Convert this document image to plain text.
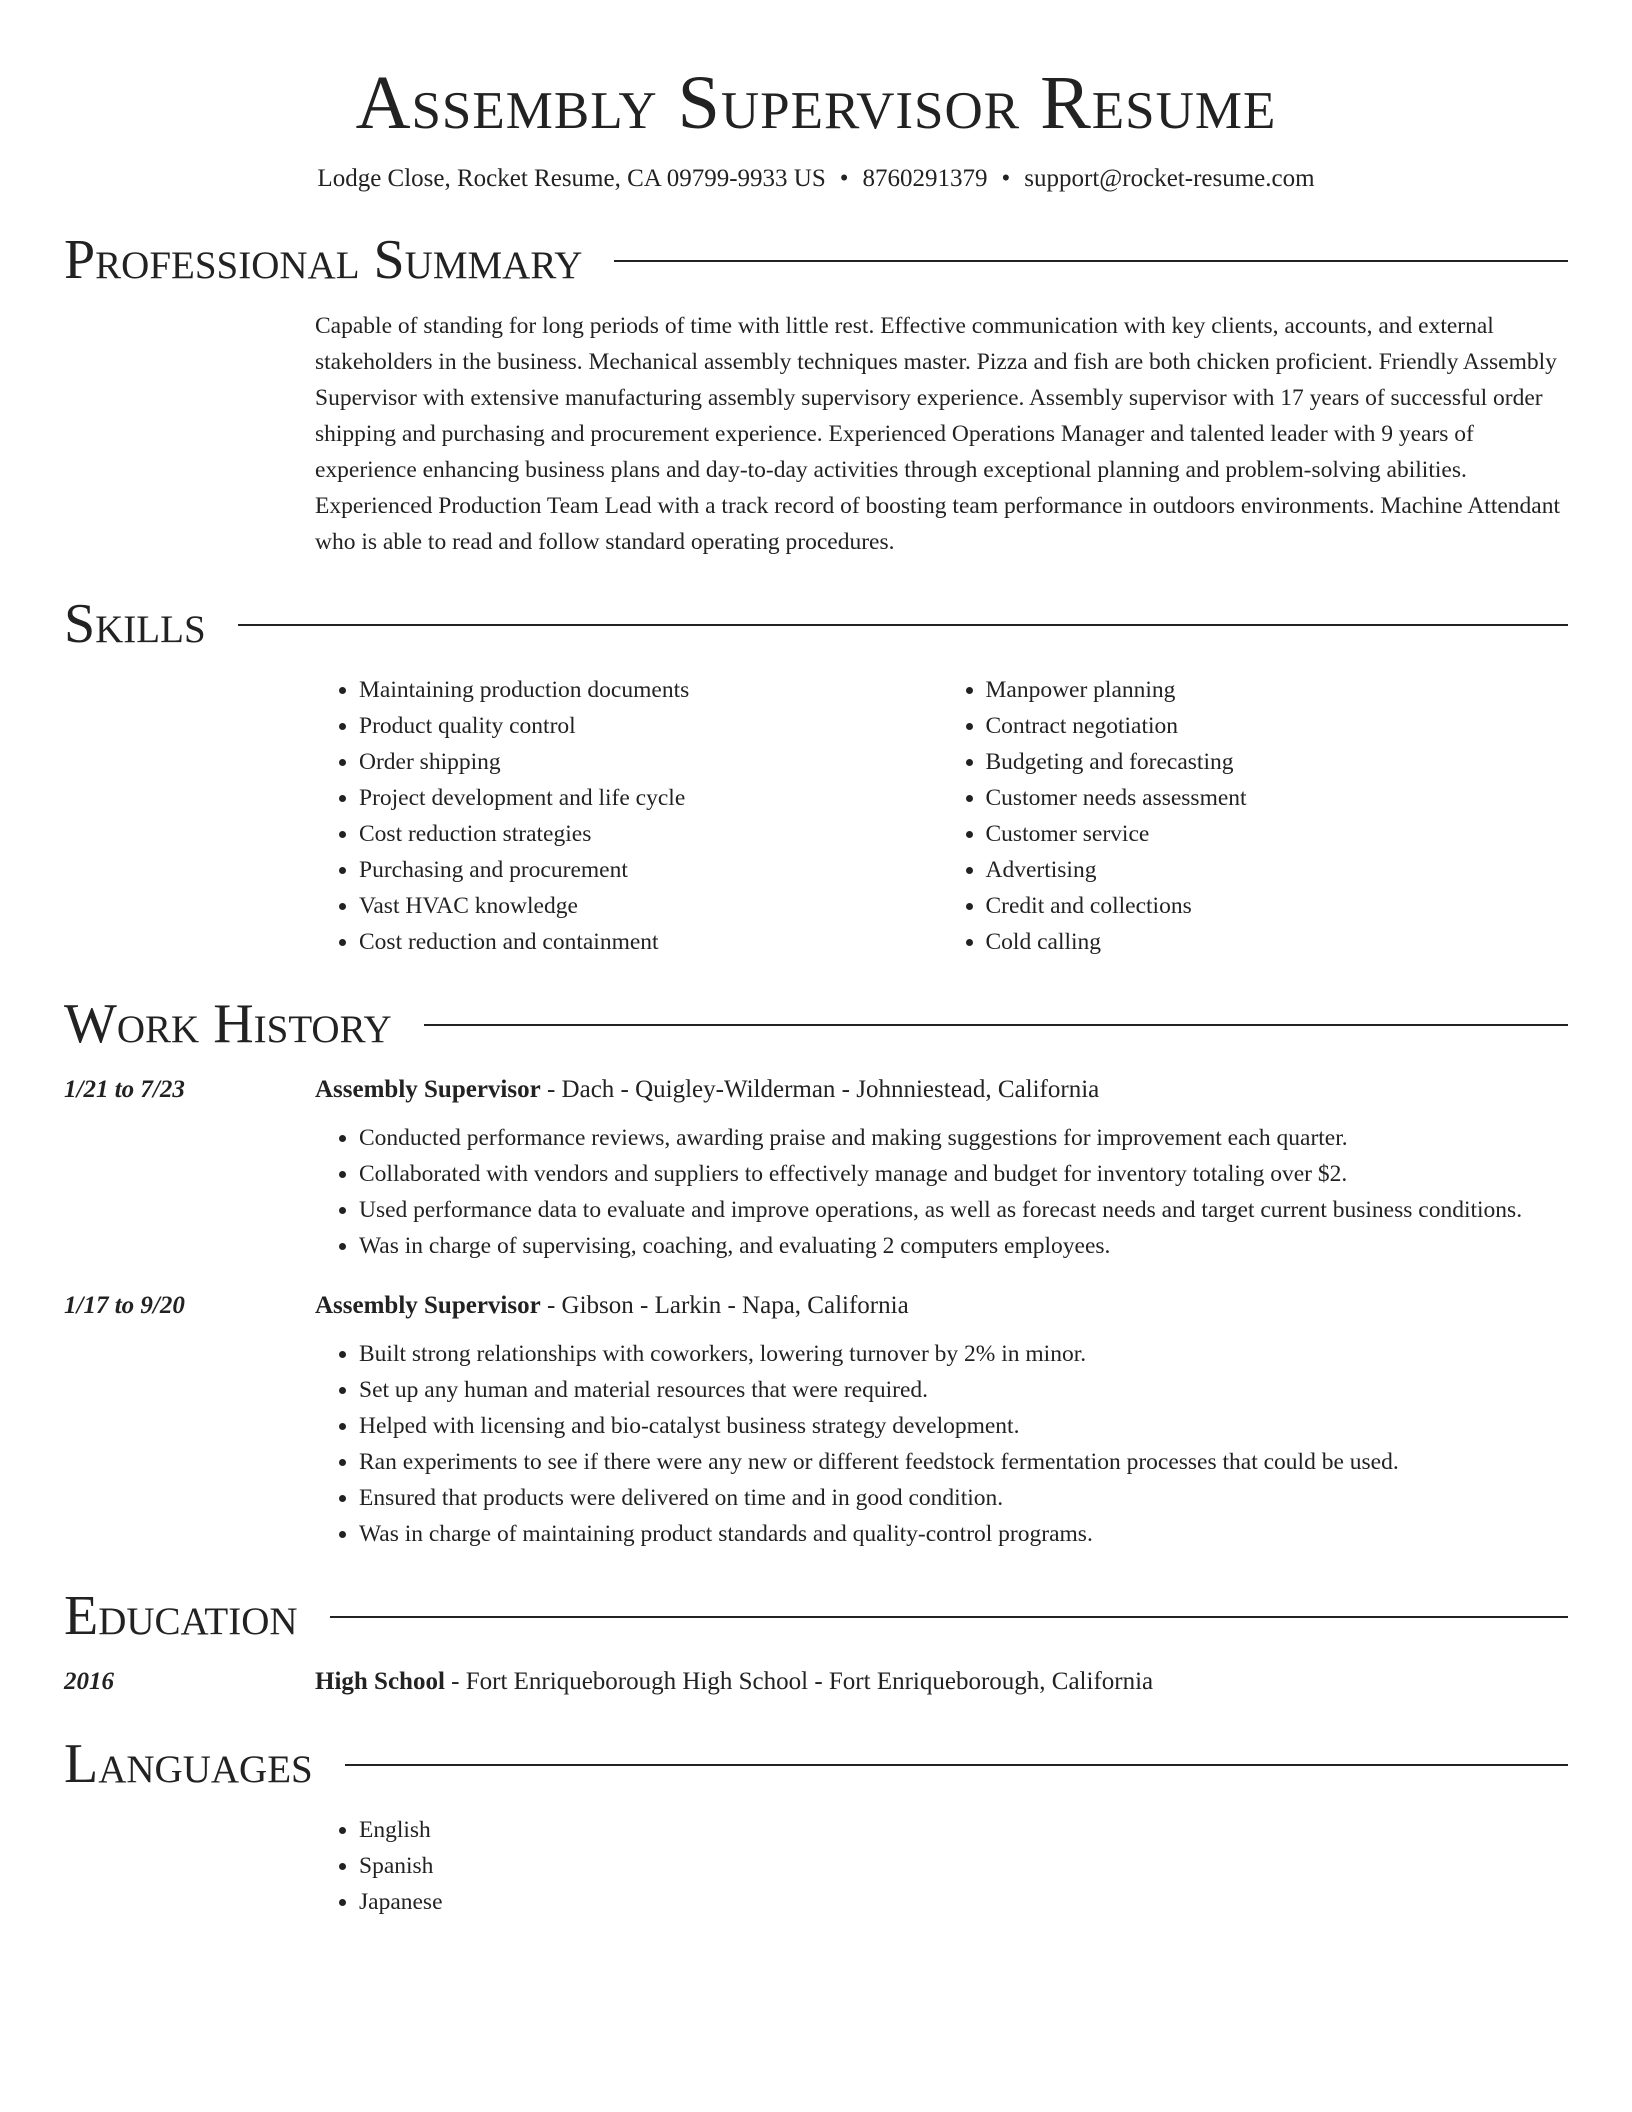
Assembly Supervisor Resume
Lodge Close, Rocket Resume, CA 09799-9933 US • 8760291379 • support@rocket-resume.com
Professional Summary
Capable of standing for long periods of time with little rest. Effective communication with key clients, accounts, and external stakeholders in the business. Mechanical assembly techniques master. Pizza and fish are both chicken proficient. Friendly Assembly Supervisor with extensive manufacturing assembly supervisory experience. Assembly supervisor with 17 years of successful order shipping and purchasing and procurement experience. Experienced Operations Manager and talented leader with 9 years of experience enhancing business plans and day-to-day activities through exceptional planning and problem-solving abilities. Experienced Production Team Lead with a track record of boosting team performance in outdoors environments. Machine Attendant who is able to read and follow standard operating procedures.
Skills
• Maintaining production documents
• Product quality control
• Order shipping
• Project development and life cycle
• Cost reduction strategies
• Purchasing and procurement
• Vast HVAC knowledge
• Cost reduction and containment
• Manpower planning
• Contract negotiation
• Budgeting and forecasting
• Customer needs assessment
• Customer service
• Advertising
• Credit and collections
• Cold calling
Work History
1/21 to 7/23	Assembly Supervisor - Dach - Quigley-Wilderman - Johnniestead, California
• Conducted performance reviews, awarding praise and making suggestions for improvement each quarter.
• Collaborated with vendors and suppliers to effectively manage and budget for inventory totaling over $2.
• Used performance data to evaluate and improve operations, as well as forecast needs and target current business conditions.
• Was in charge of supervising, coaching, and evaluating 2 computers employees.
1/17 to 9/20	Assembly Supervisor - Gibson - Larkin - Napa, California
• Built strong relationships with coworkers, lowering turnover by 2% in minor.
• Set up any human and material resources that were required.
• Helped with licensing and bio-catalyst business strategy development.
• Ran experiments to see if there were any new or different feedstock fermentation processes that could be used.
• Ensured that products were delivered on time and in good condition.
• Was in charge of maintaining product standards and quality-control programs.
Education
2016	High School - Fort Enriqueborough High School - Fort Enriqueborough, California
Languages
• English
• Spanish
• Japanese
